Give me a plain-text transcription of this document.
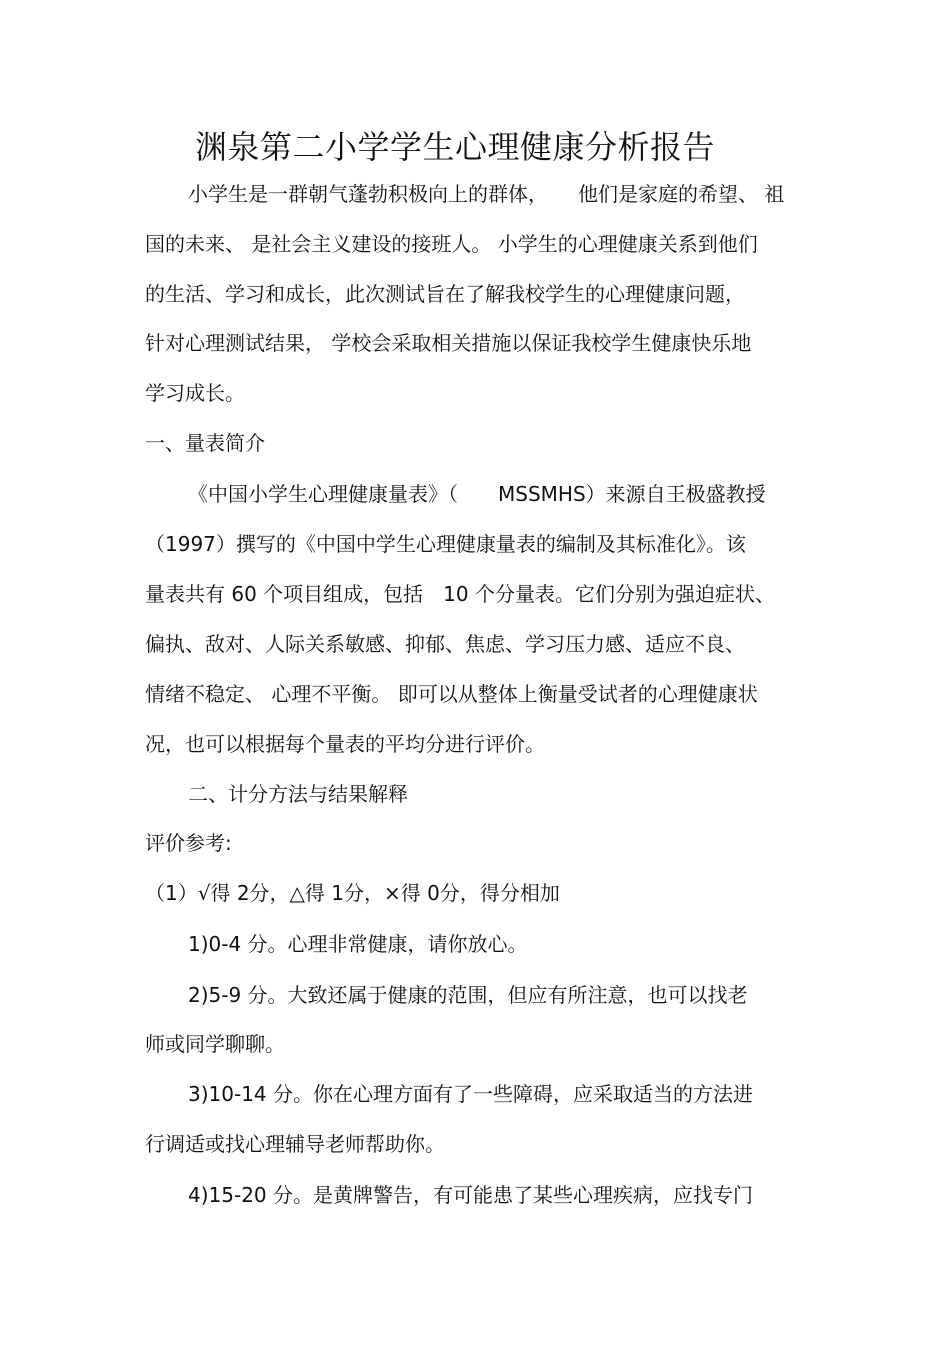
渊泉第二小学学生心理健康分析报告
小学生是一群朝气蓬勃积极向上的群体，　　他们是家庭的希望、 祖
国的未来、 是社会主义建设的接班人。 小学生的心理健康关系到他们
的生活、学习和成长，此次测试旨在了解我校学生的心理健康问题，
针对心理测试结果， 学校会采取相关措施以保证我校学生健康快乐地
学习成长。
一、量表简介
《中国小学生心理健康量表》（　　MSSMHS）来源自王极盛教授
（1997）撰写的《中国中学生心理健康量表的编制及其标准化》。该
量表共有 60 个项目组成，包括　10 个分量表。它们分别为强迫症状、
偏执、敌对、人际关系敏感、抑郁、焦虑、学习压力感、适应不良、
情绪不稳定、 心理不平衡。 即可以从整体上衡量受试者的心理健康状
况，也可以根据每个量表的平均分进行评价。
二、计分方法与结果解释
评价参考:
（1）√得 2分，△得 1分，×得 0分，得分相加
1)0-4 分。心理非常健康，请你放心。
2)5-9 分。大致还属于健康的范围，但应有所注意，也可以找老
师或同学聊聊。
3)10-14 分。你在心理方面有了一些障碍，应采取适当的方法进
行调适或找心理辅导老师帮助你。
4)15-20 分。是黄牌警告，有可能患了某些心理疾病，应找专门
